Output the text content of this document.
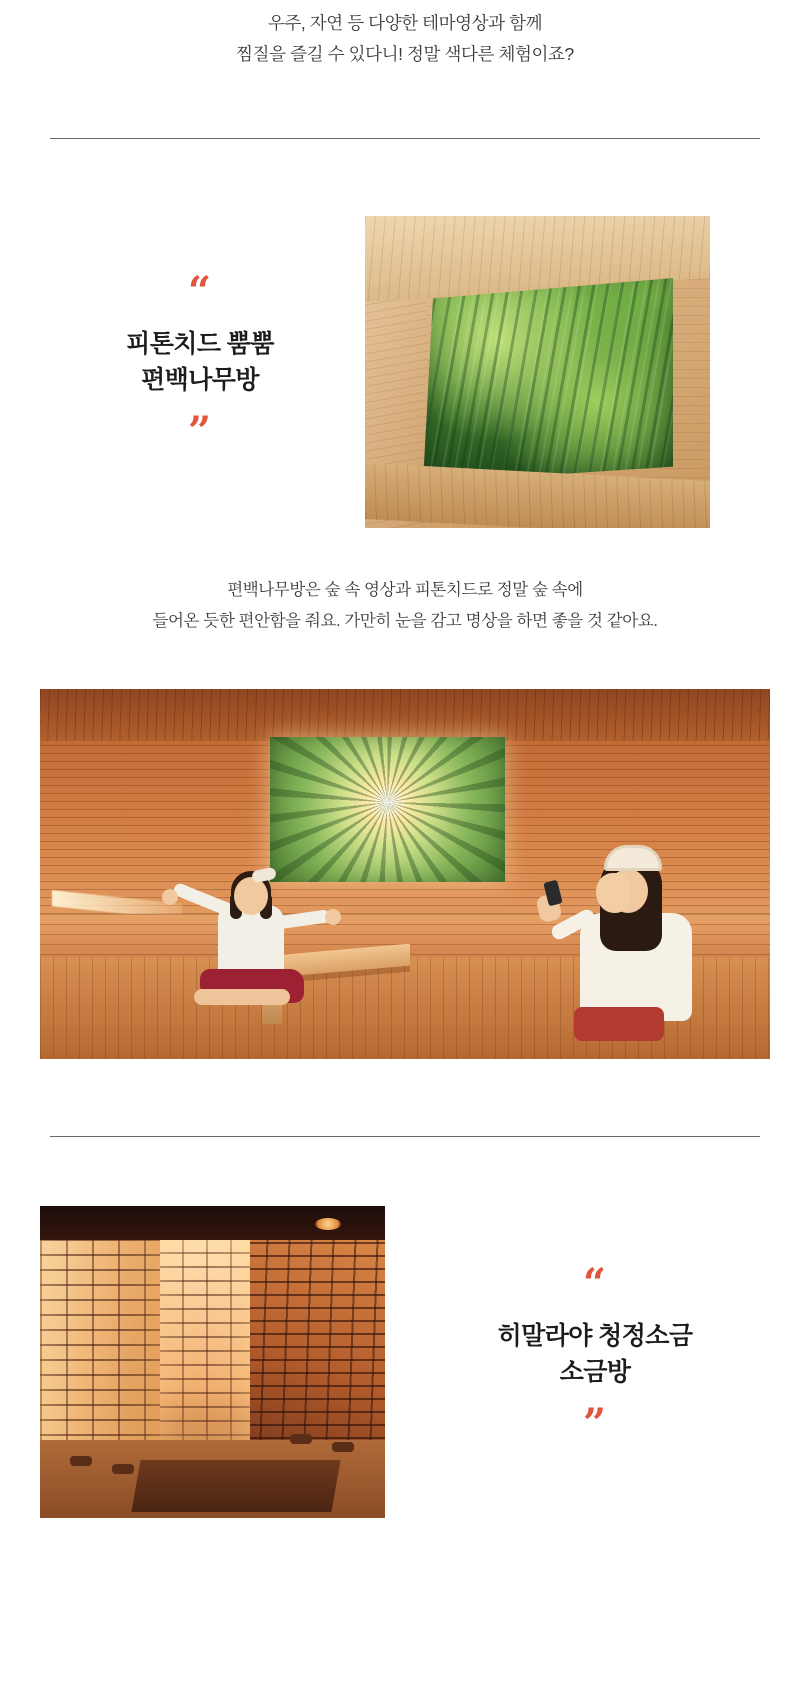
우주, 자연 등 다양한 테마영상과 함께
찜질을 즐길 수 있다니! 정말 색다른 체험이죠?
“
피톤치드 뿜뿜
편백나무방
”
편백나무방은 숲 속 영상과 피톤치드로 정말 숲 속에
들어온 듯한 편안함을 줘요. 가만히 눈을 감고 명상을 하면 좋을 것 같아요.
“
히말라야 청정소금
소금방
”
